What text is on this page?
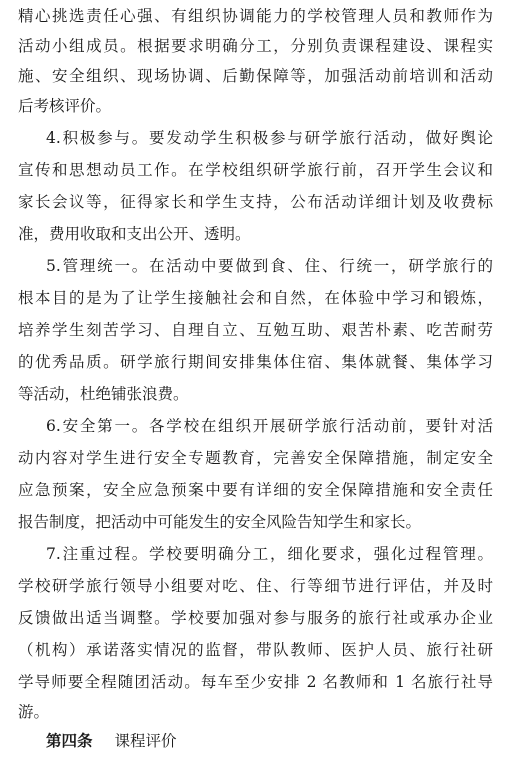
精心挑选责任心强、有组织协调能力的学校管理人员和教师作为
活动小组成员。根据要求明确分工，分别负责课程建设、课程实
施、安全组织、现场协调、后勤保障等，加强活动前培训和活动
后考核评价。
4.积极参与。要发动学生积极参与研学旅行活动，做好舆论
宣传和思想动员工作。在学校组织研学旅行前，召开学生会议和
家长会议等，征得家长和学生支持，公布活动详细计划及收费标
准，费用收取和支出公开、透明。
5.管理统一。在活动中要做到食、住、行统一，研学旅行的
根本目的是为了让学生接触社会和自然，在体验中学习和锻炼，
培养学生刻苦学习、自理自立、互勉互助、艰苦朴素、吃苦耐劳
的优秀品质。研学旅行期间安排集体住宿、集体就餐、集体学习
等活动，杜绝铺张浪费。
6.安全第一。各学校在组织开展研学旅行活动前，要针对活
动内容对学生进行安全专题教育，完善安全保障措施，制定安全
应急预案，安全应急预案中要有详细的安全保障措施和安全责任
报告制度，把活动中可能发生的安全风险告知学生和家长。
7.注重过程。学校要明确分工，细化要求，强化过程管理。
学校研学旅行领导小组要对吃、住、行等细节进行评估，并及时
反馈做出适当调整。学校要加强对参与服务的旅行社或承办企业
（机构）承诺落实情况的监督，带队教师、医护人员、旅行社研
学导师要全程随团活动。每车至少安排 2 名教师和 1 名旅行社导
游。
第四条 课程评价
